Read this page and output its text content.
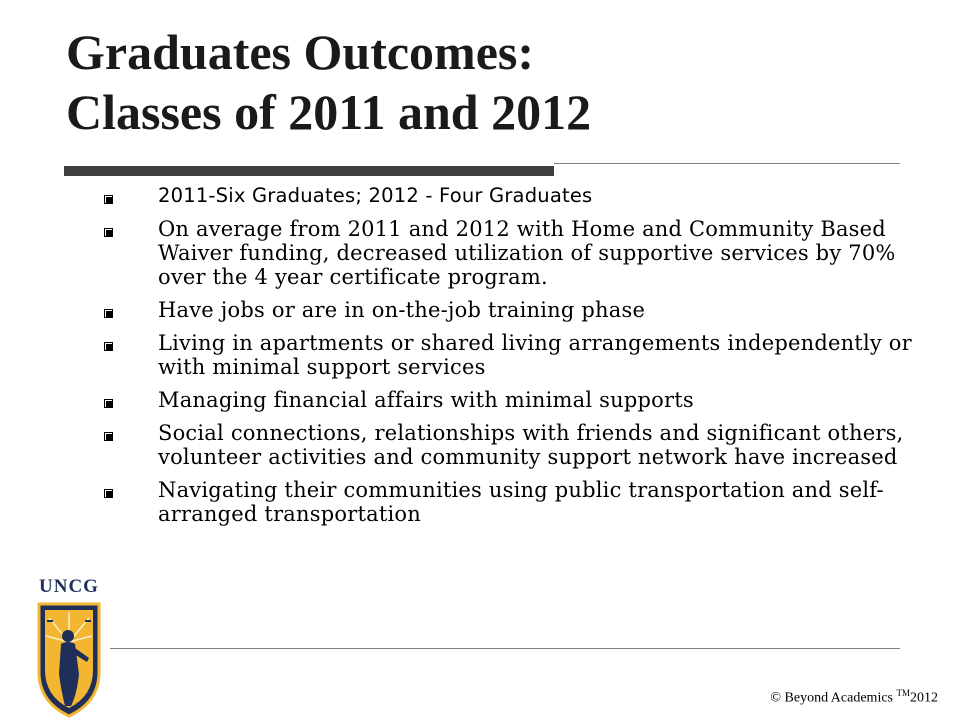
Graduates Outcomes:
Classes of 2011 and 2012
2011-Six Graduates; 2012 - Four Graduates
On average from 2011 and 2012 with Home and Community Based Waiver funding, decreased utilization of supportive services by 70% over the 4 year certificate program.
Have jobs or are in on-the-job training phase
Living in apartments or shared living arrangements independently or with minimal support services
Managing financial affairs with minimal supports
Social connections, relationships with friends and significant others, volunteer activities and community support network have increased
Navigating their communities using public transportation and self-arranged transportation
UNCG
© Beyond Academics ™2012
